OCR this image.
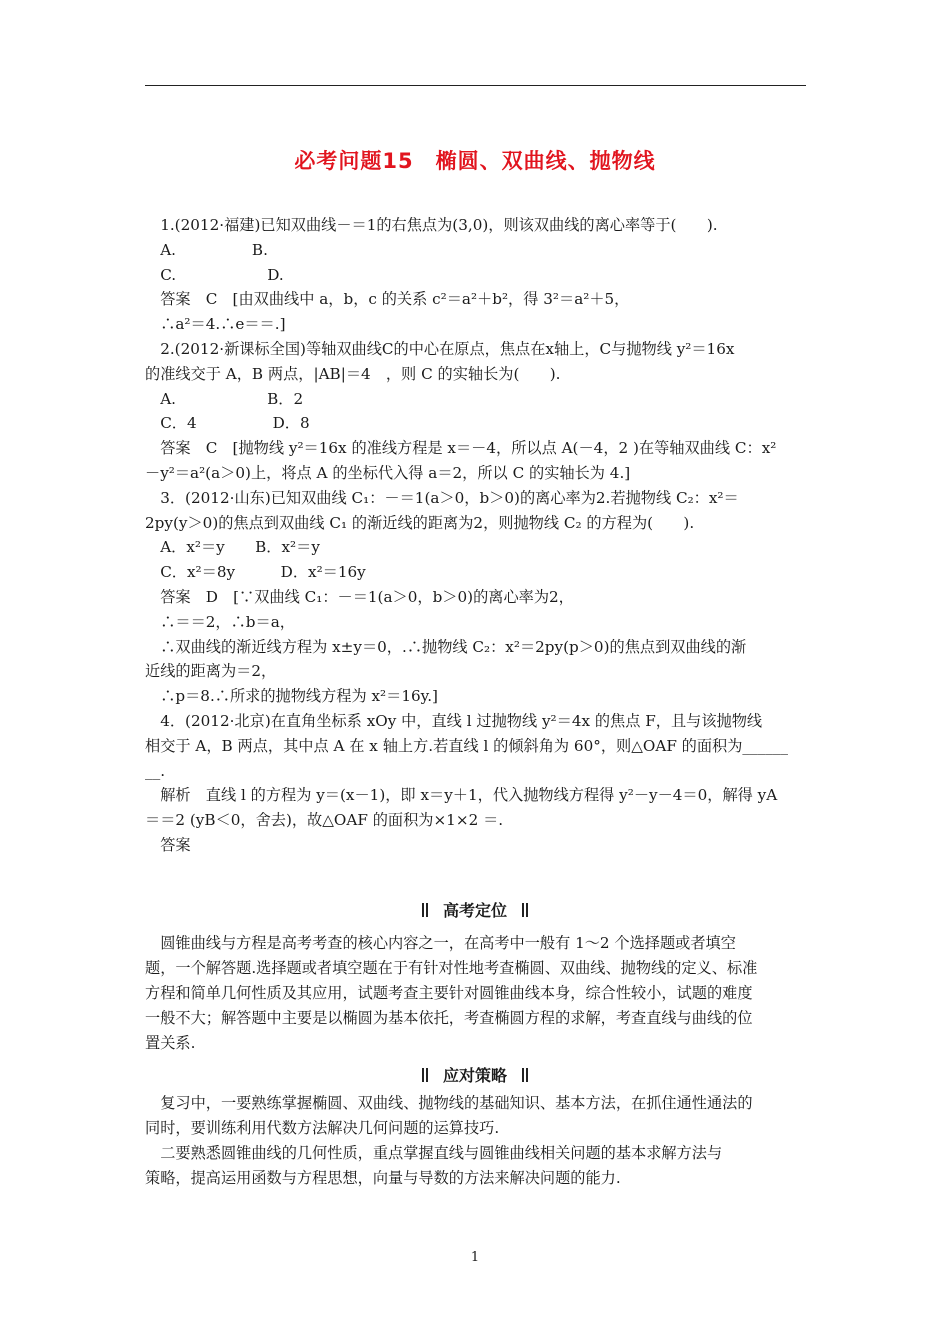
必考问题15　椭圆、双曲线、抛物线
　1.(2012·福建)已知双曲线－＝1的右焦点为(3,0)，则该双曲线的离心率等于(　　).
　A.　　　　　B.
　C.　　　　　　D.
　答案　C　[由双曲线中 a，b，c 的关系 c²＝a²＋b²，得 3²＝a²＋5，
　∴a²＝4.∴e＝＝.]
　2.(2012·新课标全国)等轴双曲线C的中心在原点，焦点在x轴上，C与抛物线 y²＝16x
的准线交于 A，B 两点，|AB|＝4　，则 C 的实轴长为(　　).
　A.　　　　　　B．2
　C．4　　　　　D．8
　答案　C　[抛物线 y²＝16x 的准线方程是 x＝－4，所以点 A(－4，2 )在等轴双曲线 C：x²
－y²＝a²(a＞0)上，将点 A 的坐标代入得 a＝2，所以 C 的实轴长为 4.]
　3．(2012·山东)已知双曲线 C₁：－＝1(a＞0，b＞0)的离心率为2.若抛物线 C₂：x²＝
2py(y＞0)的焦点到双曲线 C₁ 的渐近线的距离为2，则抛物线 C₂ 的方程为(　　).
　A．x²＝y　　B．x²＝y
　C．x²＝8y　　　D．x²＝16y
　答案　D　[∵双曲线 C₁：－＝1(a＞0，b＞0)的离心率为2，
　∴＝＝2，∴b＝a，
　∴双曲线的渐近线方程为 x±y＝0，.∴抛物线 C₂：x²＝2py(p＞0)的焦点到双曲线的渐
近线的距离为＝2，
　∴p＝8.∴所求的抛物线方程为 x²＝16y.]
　4．(2012·北京)在直角坐标系 xOy 中，直线 l 过抛物线 y²＝4x 的焦点 F，且与该抛物线
相交于 A，B 两点，其中点 A 在 x 轴上方.若直线 l 的倾斜角为 60°，则△OAF 的面积为______
__.
　解析　直线 l 的方程为 y＝(x－1)，即 x＝y＋1，代入抛物线方程得 y²－y－4＝0，解得 yA
＝＝2 (yB＜0，舍去)，故△OAF 的面积为×1×2 ＝.
　答案
高考定位
　圆锥曲线与方程是高考考查的核心内容之一，在高考中一般有 1～2 个选择题或者填空
题，一个解答题.选择题或者填空题在于有针对性地考查椭圆、双曲线、抛物线的定义、标准
方程和简单几何性质及其应用，试题考查主要针对圆锥曲线本身，综合性较小，试题的难度
一般不大；解答题中主要是以椭圆为基本依托，考查椭圆方程的求解，考查直线与曲线的位
置关系.
应对策略
　复习中，一要熟练掌握椭圆、双曲线、抛物线的基础知识、基本方法，在抓住通性通法的
同时，要训练利用代数方法解决几何问题的运算技巧.
　二要熟悉圆锥曲线的几何性质，重点掌握直线与圆锥曲线相关问题的基本求解方法与
策略，提高运用函数与方程思想，向量与导数的方法来解决问题的能力.
1
